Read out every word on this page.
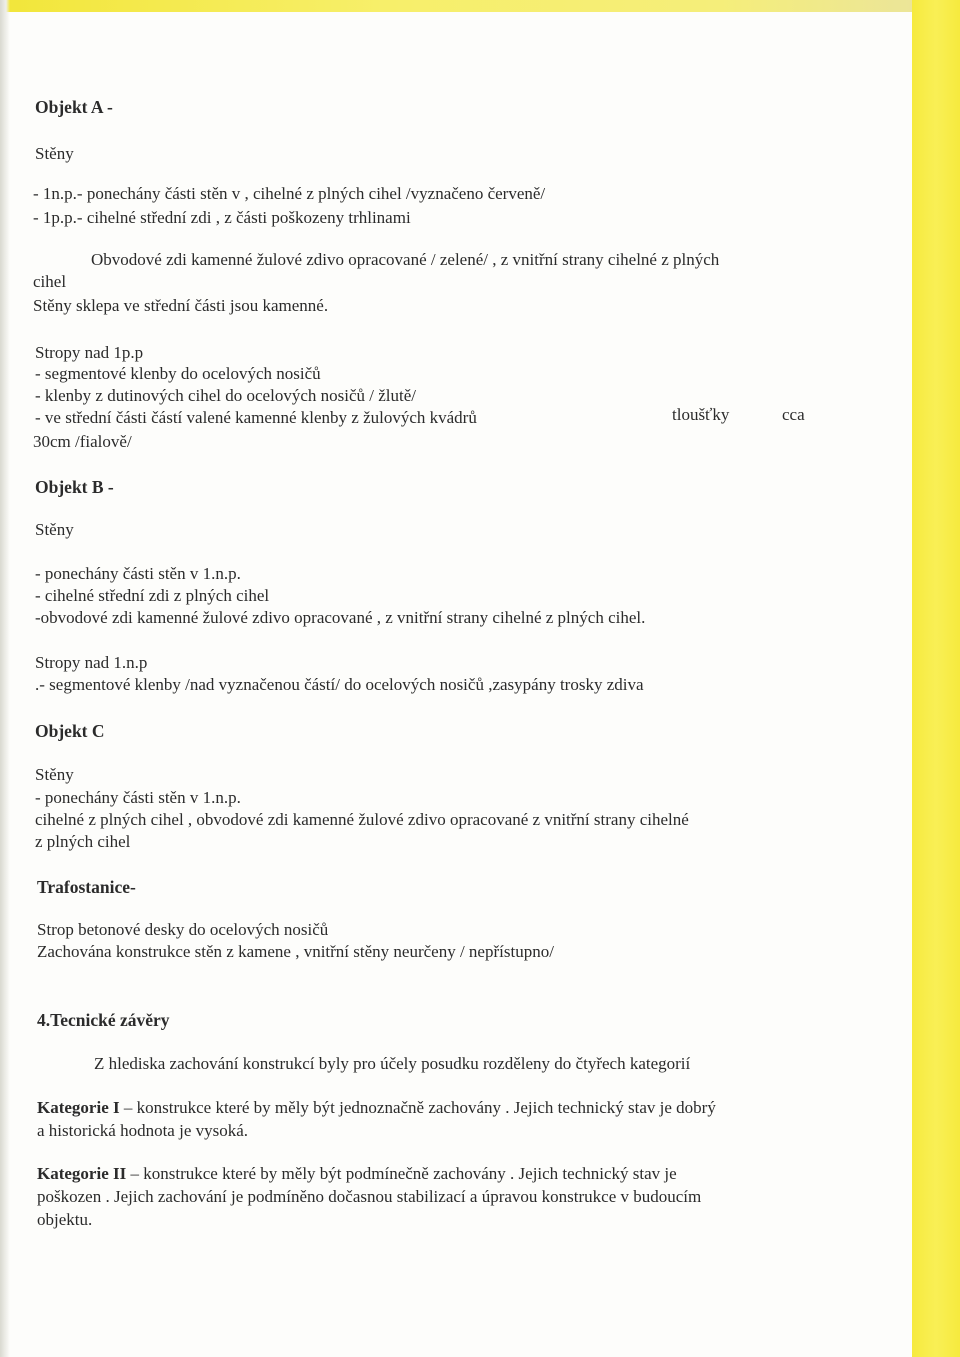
Objekt A -
Stěny
- 1n.p.- ponechány části stěn v , cihelné z plných cihel /vyznačeno červeně/
- 1p.p.- cihelné střední zdi , z části poškozeny trhlinami
Obvodové zdi kamenné žulové zdivo opracované / zelené/ , z vnitřní strany cihelné z plných
cihel
Stěny sklepa ve střední části jsou kamenné.
Stropy nad 1p.p
- segmentové klenby do ocelových nosičů
- klenby z dutinových cihel do ocelových nosičů / žlutě/
- ve střední části částí valené kamenné klenby z žulových kvádrů	tloušťky	cca
30cm /fialově/
Objekt B -
Stěny
- ponechány části stěn v 1.n.p.
- cihelné střední zdi z plných cihel
-obvodové zdi kamenné žulové zdivo opracované , z vnitřní strany cihelné z plných cihel.
Stropy nad 1.n.p
.- segmentové klenby /nad vyznačenou částí/ do ocelových nosičů ,zasypány trosky zdiva
Objekt C
Stěny
- ponechány části stěn v 1.n.p.
cihelné z plných cihel , obvodové zdi kamenné žulové zdivo opracované z vnitřní strany cihelné
z plných cihel
Trafostanice-
Strop betonové desky do ocelových nosičů
Zachována konstrukce stěn z kamene , vnitřní stěny neurčeny / nepřístupno/
4.Tecnické závěry
Z hlediska zachování konstrukcí byly pro účely posudku rozděleny do čtyřech kategorií
Kategorie I – konstrukce které by měly být jednoznačně zachovány . Jejich technický stav je dobrý
a historická hodnota je vysoká.
Kategorie II – konstrukce které by měly být podmínečně zachovány . Jejich technický stav je
poškozen . Jejich zachování je podmíněno dočasnou stabilizací a úpravou konstrukce v budoucím
objektu.
